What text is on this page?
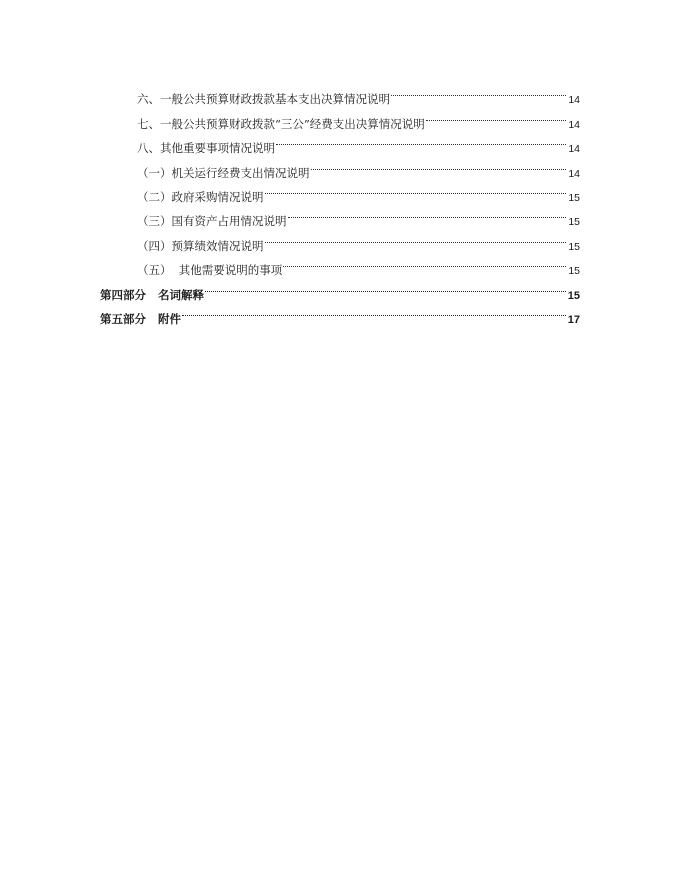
六、一般公共预算财政拨款基本支出决算情况说明	14
七、一般公共预算财政拨款“三公”经费支出决算情况说明	14
八、其他重要事项情况说明	14
（一）机关运行经费支出情况说明	14
（二）政府采购情况说明	15
（三）国有资产占用情况说明	15
（四）预算绩效情况说明	15
（五）  其他需要说明的事项	15
第四部分   名词解释	15
第五部分   附件	17
